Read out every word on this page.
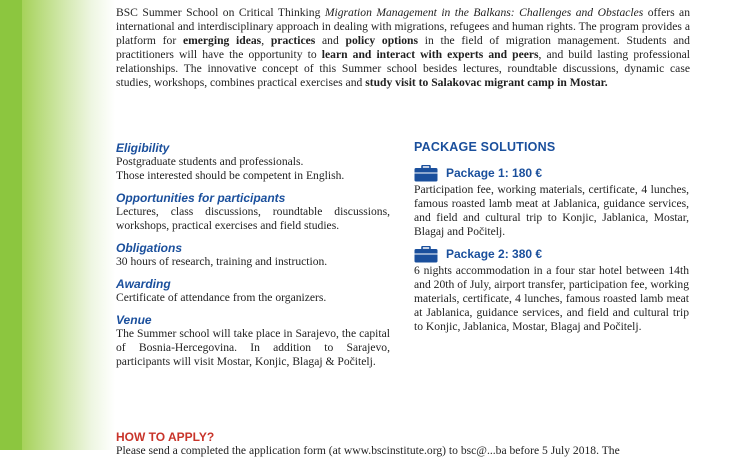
BSC Summer School on Critical Thinking Migration Management in the Balkans: Challenges and Obstacles offers an international and interdisciplinary approach in dealing with migrations, refugees and human rights. The program provides a platform for emerging ideas, practices and policy options in the field of migration management. Students and practitioners will have the opportunity to learn and interact with experts and peers, and build lasting professional relationships. The innovative concept of this Summer school besides lectures, roundtable discussions, dynamic case studies, workshops, combines practical exercises and study visit to Salakovac migrant camp in Mostar.
Eligibility
Postgraduate students and professionals.
Those interested should be competent in English.
Opportunities for participants
Lectures, class discussions, roundtable discussions, workshops, practical exercises and field studies.
Obligations
30 hours of research, training and instruction.
Awarding
Certificate of attendance from the organizers.
Venue
The Summer school will take place in Sarajevo, the capital of Bosnia-Hercegovina. In addition to Sarajevo, participants will visit Mostar, Konjic, Blagaj & Počitelj.
PACKAGE SOLUTIONS
Package 1: 180 €
Participation fee, working materials, certificate, 4 lunches, famous roasted lamb meat at Jablanica, guidance services, and field and cultural trip to Konjic, Jablanica, Mostar, Blagaj and Počitelj.
Package 2: 380 €
6 nights accommodation in a four star hotel between 14th and 20th of July, airport transfer, participation fee, working materials, certificate, 4 lunches, famous roasted lamb meat at Jablanica, guidance services, and field and cultural trip to Konjic, Jablanica, Mostar, Blagaj and Počitelj.
HOW TO APPLY?
Please send a completed the application form (at www.bscinstitute.org) to bsc@...ba before 5 July 2018. The
